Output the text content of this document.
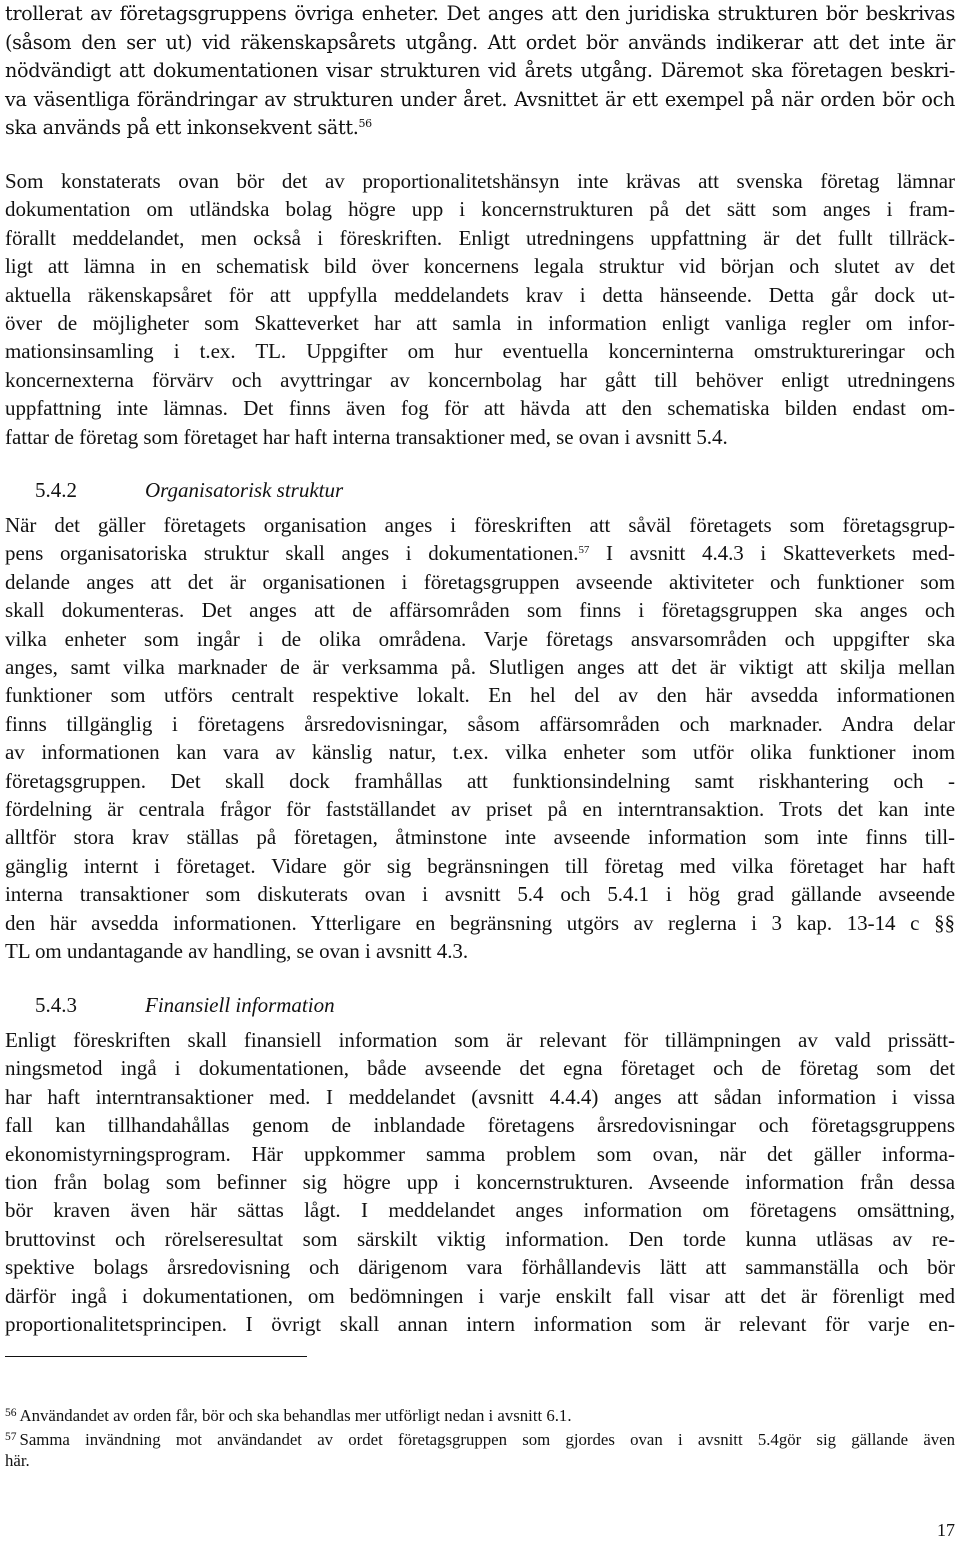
trollerat av företagsgruppens övriga enheter. Det anges att den juridiska strukturen bör beskrivas
(såsom den ser ut) vid räkenskapsårets utgång. Att ordet bör används indikerar att det inte är
nödvändigt att dokumentationen visar strukturen vid årets utgång. Däremot ska företagen beskri-
va väsentliga förändringar av strukturen under året. Avsnittet är ett exempel på när orden bör och
ska används på ett inkonsekvent sätt.$^{56}$
Som konstaterats ovan bör det av proportionalitetshänsyn inte krävas att svenska företag lämnar
dokumentation om utländska bolag högre upp i koncernstrukturen på det sätt som anges i fram-
förallt meddelandet, men också i föreskriften. Enligt utredningens uppfattning är det fullt tillräck-
ligt att lämna in en schematisk bild över koncernens legala struktur vid början och slutet av det
aktuella räkenskapsåret för att uppfylla meddelandets krav i detta hänseende. Detta går dock ut-
över de möjligheter som Skatteverket har att samla in information enligt vanliga regler om infor-
mationsinsamling i t.ex. TL. Uppgifter om hur eventuella koncerninterna omstruktureringar och
koncernexterna förvärv och avyttringar av koncernbolag har gått till behöver enligt utredningens
uppfattning inte lämnas. Det finns även fog för att hävda att den schematiska bilden endast om-
fattar de företag som företaget har haft interna transaktioner med, se ovan i avsnitt 5.4.
5.4.2	Organisatorisk struktur
När det gäller företagets organisation anges i föreskriften att såväl företagets som företagsgrup-
pens organisatoriska struktur skall anges i dokumentationen.$^{57}$ I avsnitt 4.4.3 i Skatteverkets med-
delande anges att det är organisationen i företagsgruppen avseende aktiviteter och funktioner som
skall dokumenteras. Det anges att de affärsområden som finns i företagsgruppen ska anges och
vilka enheter som ingår i de olika områdena. Varje företags ansvarsområden och uppgifter ska
anges, samt vilka marknader de är verksamma på. Slutligen anges att det är viktigt att skilja mellan
funktioner som utförs centralt respektive lokalt. En hel del av den här avsedda informationen
finns tillgänglig i företagens årsredovisningar, såsom affärsområden och marknader. Andra delar
av informationen kan vara av känslig natur, t.ex. vilka enheter som utför olika funktioner inom
företagsgruppen. Det skall dock framhållas att funktionsindelning samt riskhantering och -
fördelning är centrala frågor för fastställandet av priset på en interntransaktion. Trots det kan inte
alltför stora krav ställas på företagen, åtminstone inte avseende information som inte finns till-
gänglig internt i företaget. Vidare gör sig begränsningen till företag med vilka företaget har haft
interna transaktioner som diskuterats ovan i avsnitt 5.4 och 5.4.1 i hög grad gällande avseende
den här avsedda informationen. Ytterligare en begränsning utgörs av reglerna i 3 kap. 13-14 c §§
TL om undantagande av handling, se ovan i avsnitt 4.3.
5.4.3	Finansiell information
Enligt föreskriften skall finansiell information som är relevant för tillämpningen av vald prissätt-
ningsmetod ingå i dokumentationen, både avseende det egna företaget och de företag som det
har haft interntransaktioner med. I meddelandet (avsnitt 4.4.4) anges att sådan information i vissa
fall kan tillhandahållas genom de inblandade företagens årsredovisningar och företagsgruppens
ekonomistyrningsprogram. Här uppkommer samma problem som ovan, när det gäller informa-
tion från bolag som befinner sig högre upp i koncernstrukturen. Avseende information från dessa
bör kraven även här sättas lågt. I meddelandet anges information om företagens omsättning,
bruttovinst och rörelseresultat som särskilt viktig information. Den torde kunna utläsas av re-
spektive bolags årsredovisning och därigenom vara förhållandevis lätt att sammanställa och bör
därför ingå i dokumentationen, om bedömningen i varje enskilt fall visar att det är förenligt med
proportionalitetsprincipen. I övrigt skall annan intern information som är relevant för varje en-
$^{56}$ Användandet av orden får, bör och ska behandlas mer utförligt nedan i avsnitt 6.1.
$^{57}$ Samma invändning mot användandet av ordet företagsgruppen som gjordes ovan i avsnitt 5.4gör sig gällande även
här.
17
